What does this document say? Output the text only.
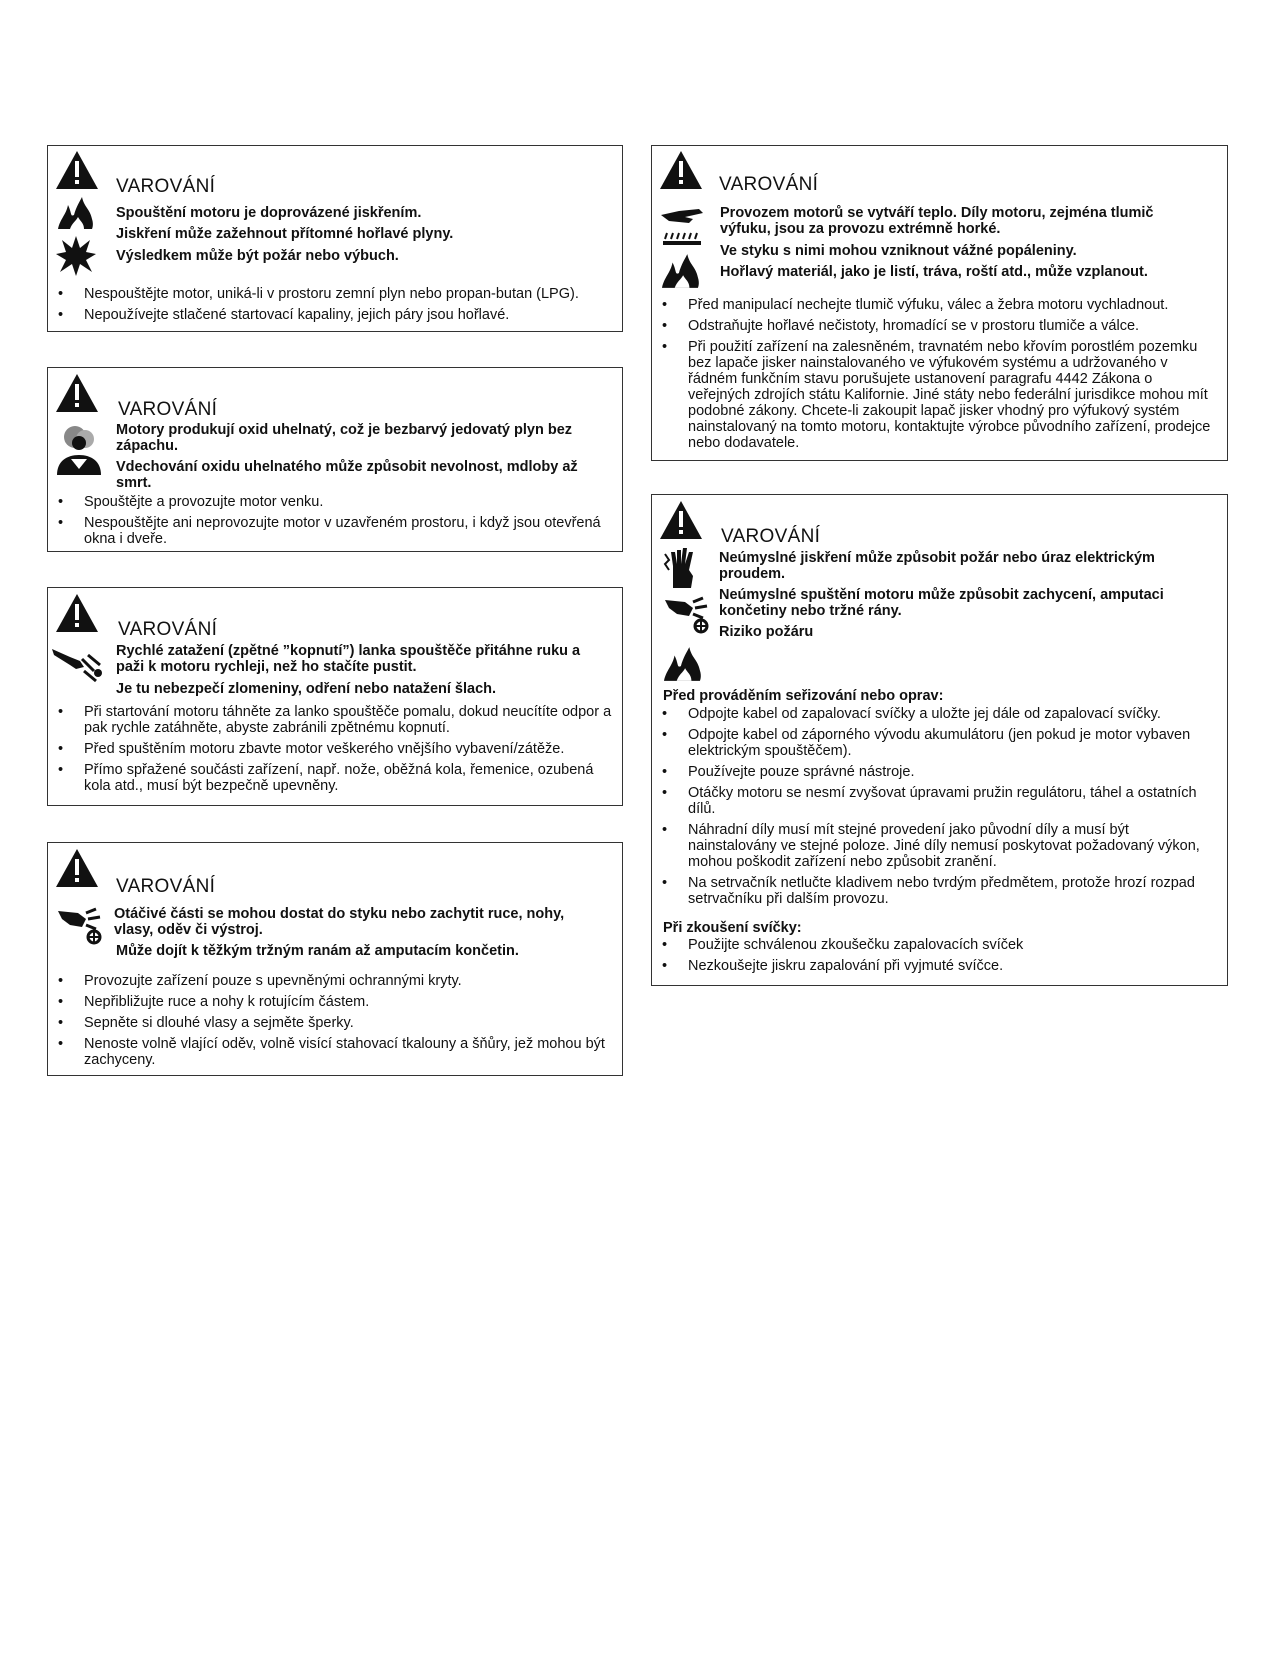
VAROVÁNÍ
Spouštění motoru je doprovázené jiskřením.
Jiskření může zažehnout přítomné hořlavé plyny.
Výsledkem může být požár nebo výbuch.
• Nespouštějte motor, uniká-li v prostoru zemní plyn nebo propan-butan (LPG).
• Nepoužívejte stlačené startovací kapaliny, jejich páry jsou hořlavé.
VAROVÁNÍ
Motory produkují oxid uhelnatý, což je bezbarvý jedovatý plyn bez zápachu.
Vdechování oxidu uhelnatého může způsobit nevolnost, mdloby až smrt.
• Spouštějte a provozujte motor venku.
• Nespouštějte ani neprovozujte motor v uzavřeném prostoru, i když jsou otevřená okna i dveře.
VAROVÁNÍ
Rychlé zatažení (zpětné ”kopnutí”) lanka spouštěče přitáhne ruku a paži k motoru rychleji, než ho stačíte pustit.
Je tu nebezpečí zlomeniny, odření nebo natažení šlach.
• Při startování motoru táhněte za lanko spouštěče pomalu, dokud neucítíte odpor a pak rychle zatáhněte, abyste zabránili zpětnému kopnutí.
• Před spuštěním motoru zbavte motor veškerého vnějšího vybavení/zátěže.
• Přímo spřažené součásti zařízení, např. nože, oběžná kola, řemenice, ozubená kola atd., musí být bezpečně upevněny.
VAROVÁNÍ
Otáčivé části se mohou dostat do styku nebo zachytit ruce, nohy, vlasy, oděv či výstroj.
Může dojít k těžkým tržným ranám až amputacím končetin.
• Provozujte zařízení pouze s upevněnými ochrannými kryty.
• Nepřibližujte ruce a nohy k rotujícím částem.
• Sepněte si dlouhé vlasy a sejměte šperky.
• Nenoste volně vlající oděv, volně visící stahovací tkalouny a šňůry, jež mohou být zachyceny.
VAROVÁNÍ
Provozem motorů se vytváří teplo. Díly motoru, zejména tlumič výfuku, jsou za provozu extrémně horké.
Ve styku s nimi mohou vzniknout vážné popáleniny.
Hořlavý materiál, jako je listí, tráva, roští atd., může vzplanout.
• Před manipulací nechejte tlumič výfuku, válec a žebra motoru vychladnout.
• Odstraňujte hořlavé nečistoty, hromadící se v prostoru tlumiče a válce.
• Při použití zařízení na zalesněném, travnatém nebo křovím porostlém pozemku bez lapače jisker nainstalovaného ve výfukovém systému a udržovaného v řádném funkčním stavu porušujete ustanovení paragrafu 4442 Zákona o veřejných zdrojích státu Kalifornie. Jiné státy nebo federální jurisdikce mohou mít podobné zákony. Chcete-li zakoupit lapač jisker vhodný pro výfukový systém nainstalovaný na tomto motoru, kontaktujte výrobce původního zařízení, prodejce nebo dodavatele.
VAROVÁNÍ
Neúmyslné jiskření může způsobit požár nebo úraz elektrickým proudem.
Neúmyslné spuštění motoru může způsobit zachycení, amputaci končetiny nebo tržné rány.
Riziko požáru
Před prováděním seřizování nebo oprav:
• Odpojte kabel od zapalovací svíčky a uložte jej dále od zapalovací svíčky.
• Odpojte kabel od záporného vývodu akumulátoru (jen pokud je motor vybaven elektrickým spouštěčem).
• Používejte pouze správné nástroje.
• Otáčky motoru se nesmí zvyšovat úpravami pružin regulátoru, táhel a ostatních dílů.
• Náhradní díly musí mít stejné provedení jako původní díly a musí být nainstalovány ve stejné poloze. Jiné díly nemusí poskytovat požadovaný výkon, mohou poškodit zařízení nebo způsobit zranění.
• Na setrvačník netlučte kladivem nebo tvrdým předmětem, protože hrozí rozpad setrvačníku při dalším provozu.
Při zkoušení svíčky:
• Použijte schválenou zkoušečku zapalovacích svíček
• Nezkoušejte jiskru zapalování při vyjmuté svíčce.
